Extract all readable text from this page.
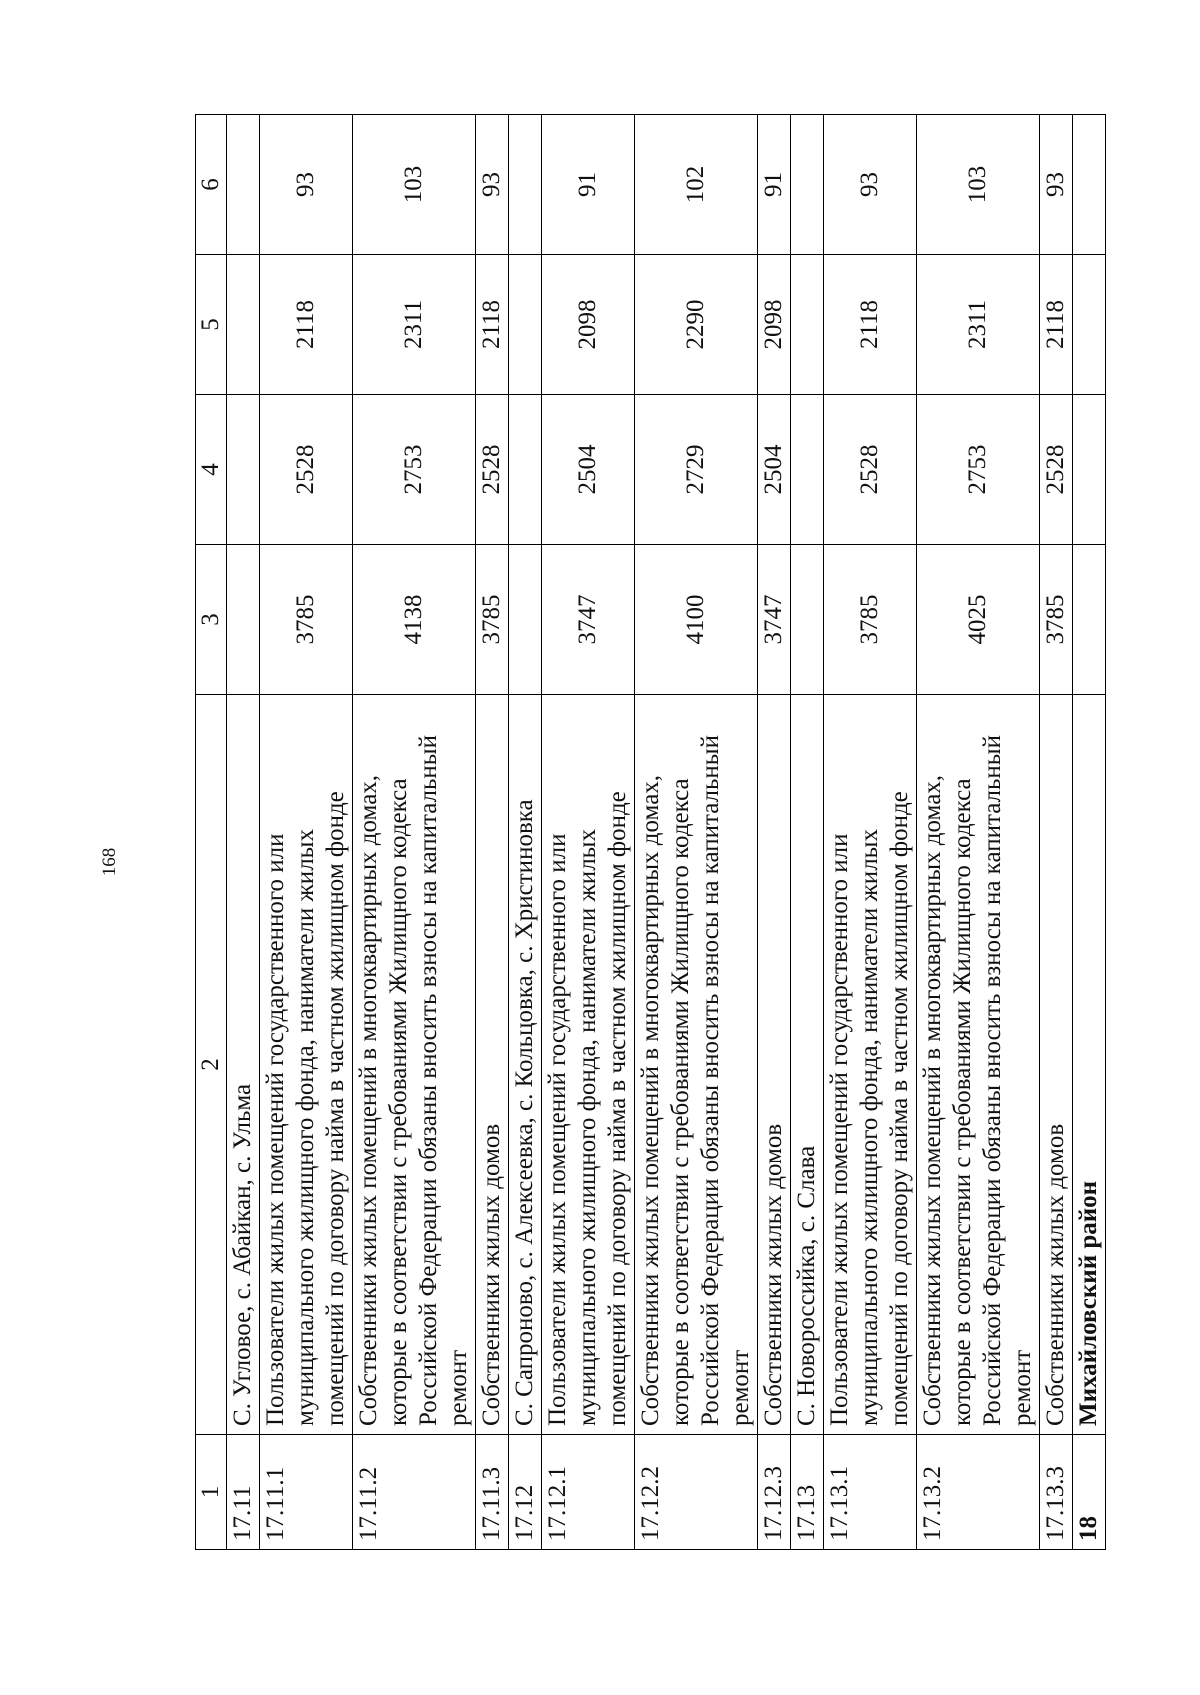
168
1	2	3	4	5	6
17.11	С. Угловое, с. Абайкан, с. Ульма				
17.11.1	Пользователи жилых помещений государственного или муниципального жилищного фонда, наниматели жилых помещений по договору найма в частном жилищном фонде	3785	2528	2118	93
17.11.2	Собственники жилых помещений в многоквартирных домах, которые в соответствии с требованиями Жилищного кодекса Российской Федерации обязаны вносить взносы на капитальный ремонт	4138	2753	2311	103
17.11.3	Собственники жилых домов	3785	2528	2118	93
17.12	С. Сапроново, с. Алексеевка, с. Кольцовка, с. Христиновка				
17.12.1	Пользователи жилых помещений государственного или муниципального жилищного фонда, наниматели жилых помещений по договору найма в частном жилищном фонде	3747	2504	2098	91
17.12.2	Собственники жилых помещений в многоквартирных домах, которые в соответствии с требованиями Жилищного кодекса Российской Федерации обязаны вносить взносы на капитальный ремонт	4100	2729	2290	102
17.12.3	Собственники жилых домов	3747	2504	2098	91
17.13	С. Новороссийка, с. Слава				
17.13.1	Пользователи жилых помещений государственного или муниципального жилищного фонда, наниматели жилых помещений по договору найма в частном жилищном фонде	3785	2528	2118	93
17.13.2	Собственники жилых помещений в многоквартирных домах, которые в соответствии с требованиями Жилищного кодекса Российской Федерации обязаны вносить взносы на капитальный ремонт	4025	2753	2311	103
17.13.3	Собственники жилых домов	3785	2528	2118	93
18	Михайловский район				
